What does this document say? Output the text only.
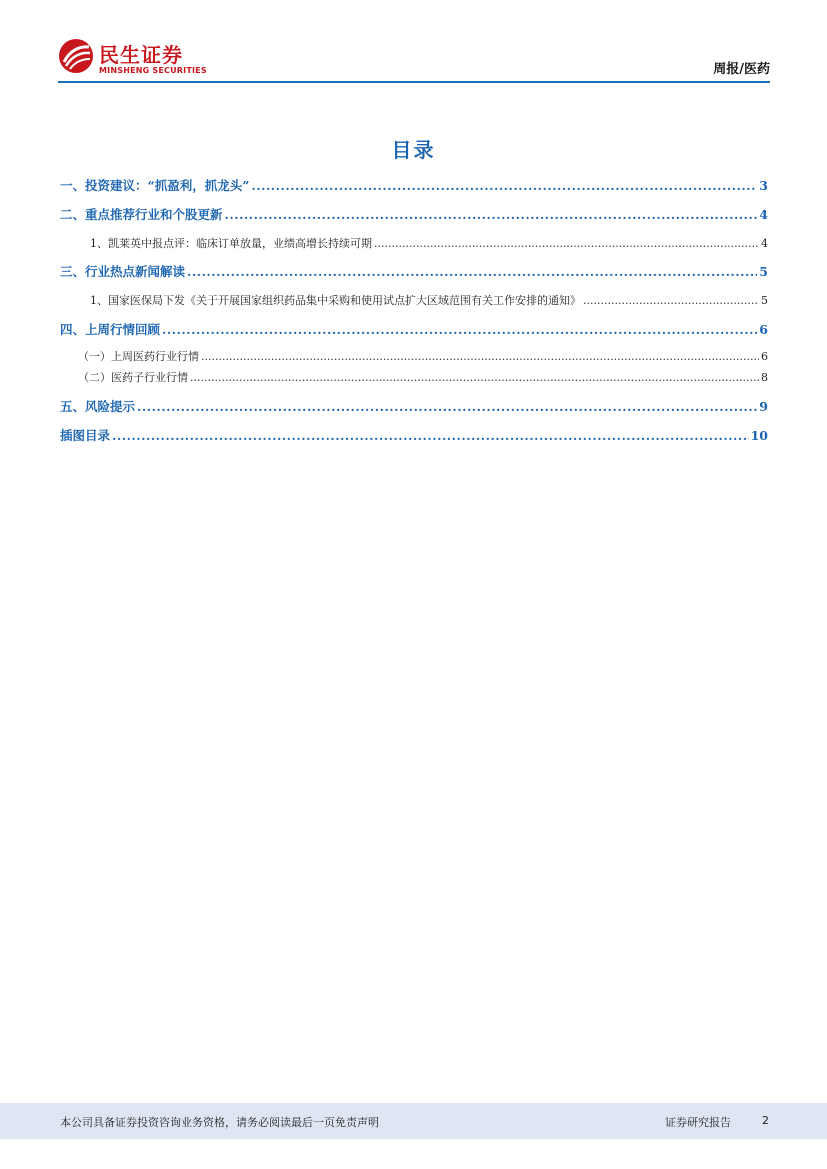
民生证券
MINSHENG SECURITIES	周报/医药
目录
一、投资建议：“抓盈利，抓龙头” .....	3
二、重点推荐行业和个股更新 .....	4
1、凯莱英中报点评：临床订单放量，业绩高增长持续可期 .....	4
三、行业热点新闻解读 .....	5
1、国家医保局下发《关于开展国家组织药品集中采购和使用试点扩大区域范围有关工作安排的通知》 .....	5
四、上周行情回顾 .....	6
（一）上周医药行业行情 .....	6
（二）医药子行业行情 .....	8
五、风险提示 .....	9
插图目录 .....	10
本公司具备证券投资咨询业务资格，请务必阅读最后一页免责声明	证券研究报告	2
